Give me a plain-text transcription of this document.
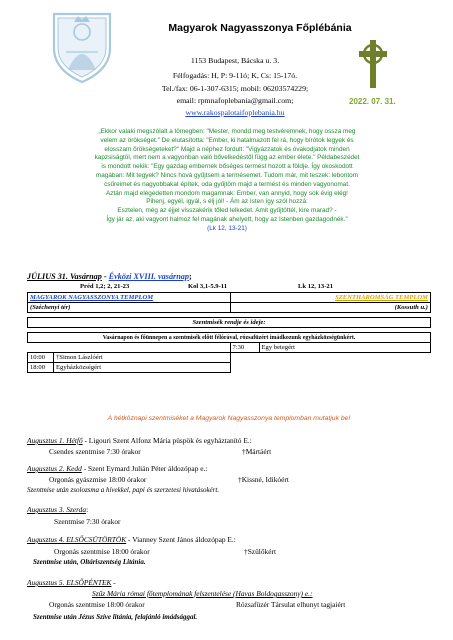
Magyarok Nagyasszonya Főplébánia
1153 Budapest, Bácska u. 3.
Félfogadás: H, P: 9-11ó; K, Cs: 15-17ó.
Tel./fax: 06-1-307-6315; mobil: 06203574229;
email: rpmnafoplebania@gmail.com;
www.rakospalotaifoplebania.hu
2022. 07. 31.
„Ekkor valaki megszólalt a tömegben: "Mester, mondd meg testvéremnek, hogy ossza meg
velem az örökséget." De elutasította: "Ember, ki hatalmazott fel rá, hogy bírótok legyek és
elosszam örökségeteket?" Majd a néphez fordult: "Vigyázzatok és óvakodjatok minden
kapzsiságtól, mert nem a vagyonban való bővelkedéstől függ az ember élete." Példabeszédet
is mondott nekik: "Egy gazdag embernek bőséges termést hozott a földje. Így okoskodott
magában: Mit tegyek? Nincs hová gyűjtsem a termésemet. Tudom már, mit teszek: lebontom
csűreimet és nagyobbakat építek, oda gyűjtöm majd a termést és minden vagyonomat.
Aztán majd elégedetten mondom magamnak: Ember, van annyid, hogy sok évig elég!
Pihenj, egyél, igyál, s élj jól! - Ám az Isten így szól hozzá:
Esztelen, még az éjjel visszakérik tőled lelkedet. Amit gyűjtöttél, kire marad? -
Így jár az, aki vagyont halmoz fel magának ahelyett, hogy az Istenben gazdagodnék."
(Lk 12, 13-21)
JÚLIUS 31. Vasárnap - Évközi XVIII. vasárnap;
Préd 1,2; 2, 21-23	Kol 3,1-5.9-11	Lk 12, 13-21
MAGYAROK NAGYASSZONYA TEMPLOM		SZENTHÁROMSÁG TEMPLOM	
(Széchenyi tér)		(Kossuth u.)	

Szentmisék rendje és ideje:			

Vasárnapon és főünnepen a szentmisék előtt félórával, rózsafüzért imádkozunk egyházközségünkért.			
		7:30	Egy betegért
10:00	†Simon Lászlóért		
18:00	Egyházközségért		
A hétköznapi szentmiséket a Magyarok Nagyasszonya templomban mutatjuk be!
Augusztus 1. Hétfő - Ligouri Szent Alfonz Mária püspök és egyháztanító E.:
Csendes szentmise 7:30 órakor	†Mártáért
Augusztus 2. Kedd - Szent Eymard Julián Péter áldozópap e.:
Orgonás gyászmise 18:00 órakor	†Kissné, Idikóért
Szentmise után zsolozsma a hívekkel, papi és szerzetesi hivatásokért.
Augusztus 3. Szerda:
Szentmise 7:30 órakor
Augusztus 4. ELSŐCSÜTÖRTÖK - Vianney Szent János áldozópap E.:
Orgonás szentmise 18:00 órakor	†Szülőkért
Szentmise után, Oltáriszentség Litánia.
Augusztus 5. ELSŐPÉNTEK -
Szűz Mária római főtemplomának felszentelése (Havas Boldogasszony) e.:
Orgonás szentmise 18:00 órakor	Rózsafüzér Társulat elhunyt tagjaiért
Szentmise után Jézus Szíve litánia, felajánló imádsággal.
